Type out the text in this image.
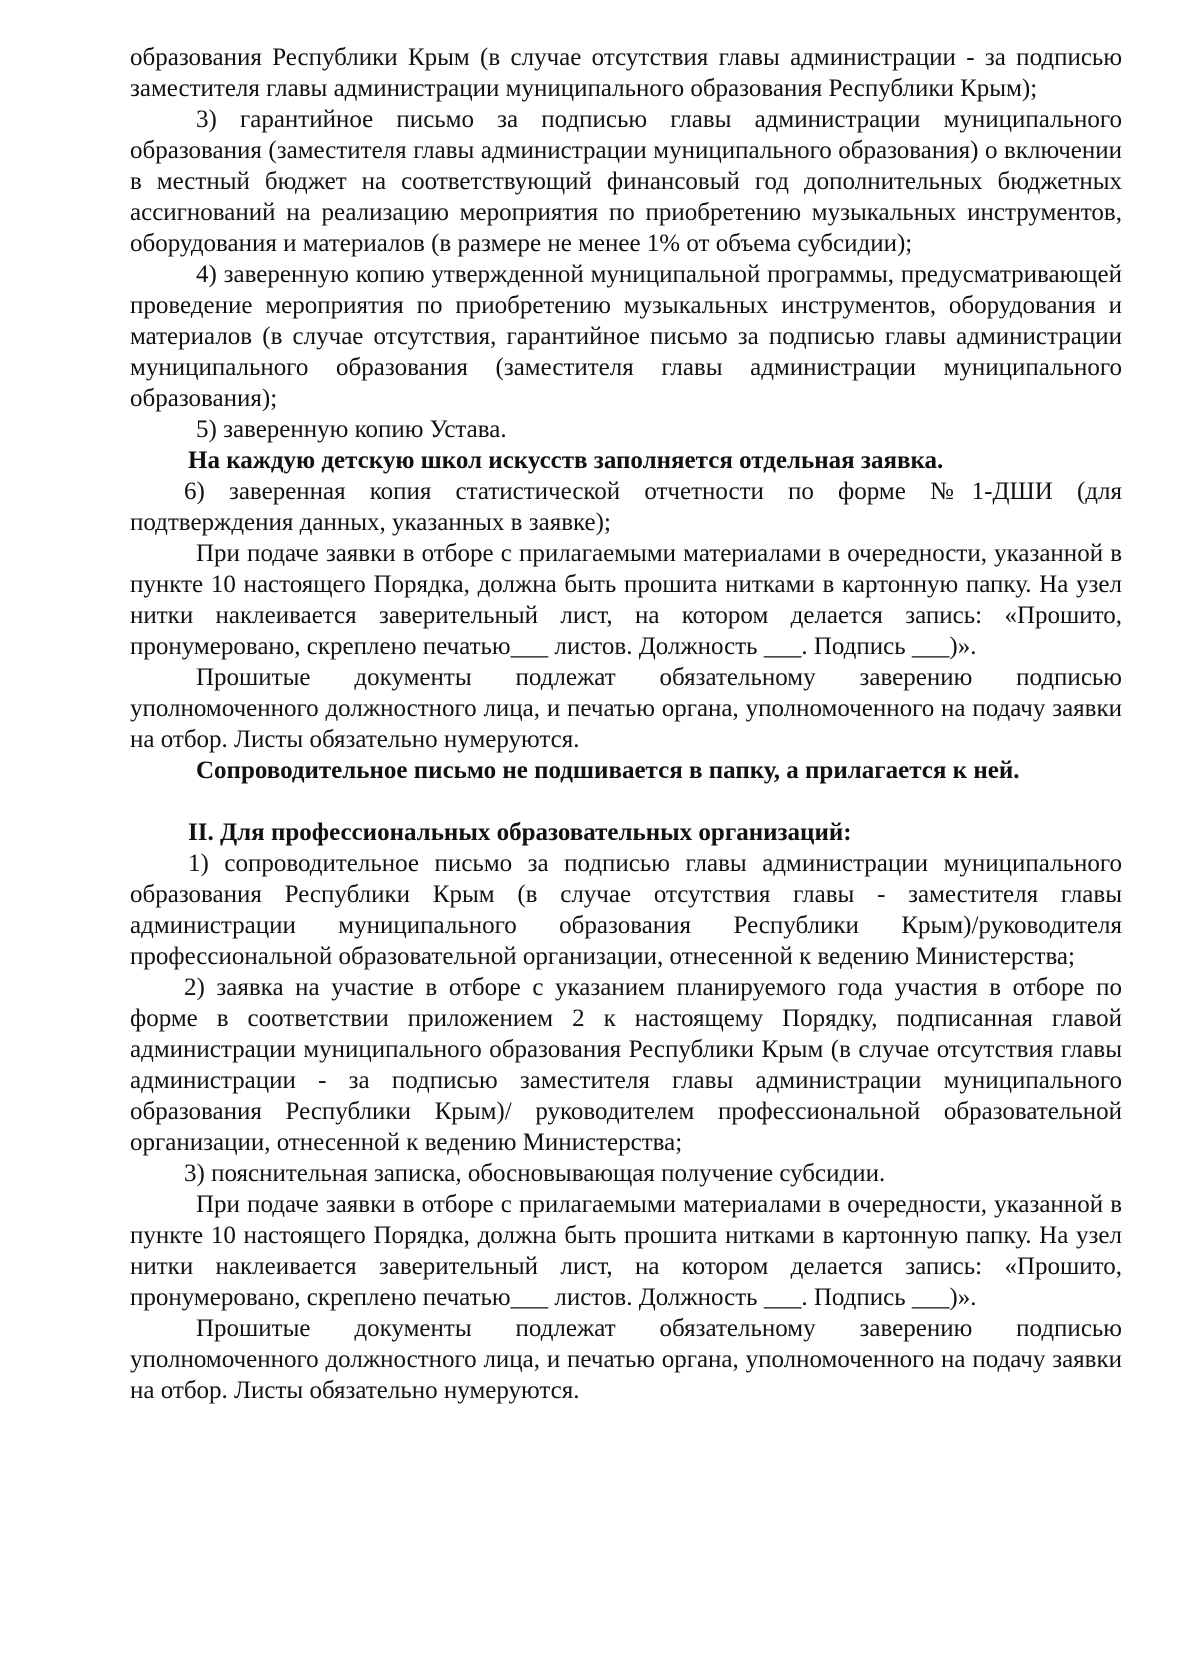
образования Республики Крым (в случае отсутствия главы администрации - за подписью заместителя главы администрации муниципального образования Республики Крым);

3) гарантийное письмо за подписью главы администрации муниципального образования (заместителя главы администрации муниципального образования) о включении в местный бюджет на соответствующий финансовый год дополнительных бюджетных ассигнований на реализацию мероприятия по приобретению музыкальных инструментов, оборудования и материалов (в размере не менее 1% от объема субсидии);

4) заверенную копию утвержденной муниципальной программы, предусматривающей проведение мероприятия по приобретению музыкальных инструментов, оборудования и материалов (в случае отсутствия, гарантийное письмо за подписью главы администрации муниципального образования (заместителя главы администрации муниципального образования);

5) заверенную копию Устава.

На каждую детскую школ искусств заполняется отдельная заявка.

6) заверенная копия статистической отчетности по форме №1-ДШИ (для подтверждения данных, указанных в заявке);

При подаче заявки в отборе с прилагаемыми материалами в очередности, указанной в пункте 10 настоящего Порядка, должна быть прошита нитками в картонную папку. На узел нитки наклеивается заверительный лист, на котором делается запись: «Прошито, пронумеровано, скреплено печатью___ листов. Должность ___. Подпись ___)».

Прошитые документы подлежат обязательному заверению подписью уполномоченного должностного лица, и печатью органа, уполномоченного на подачу заявки на отбор. Листы обязательно нумеруются.

Сопроводительное письмо не подшивается в папку, а прилагается к ней.

II. Для профессиональных образовательных организаций:

1) сопроводительное письмо за подписью главы администрации муниципального образования Республики Крым (в случае отсутствия главы - заместителя главы администрации муниципального образования Республики Крым)/руководителя профессиональной образовательной организации, отнесенной к ведению Министерства;

2) заявка на участие в отборе с указанием планируемого года участия в отборе по форме в соответствии приложением 2 к настоящему Порядку, подписанная главой администрации муниципального образования Республики Крым (в случае отсутствия главы администрации - за подписью заместителя главы администрации муниципального образования Республики Крым)/ руководителем профессиональной образовательной организации, отнесенной к ведению Министерства;

3) пояснительная записка, обосновывающая получение субсидии.

При подаче заявки в отборе с прилагаемыми материалами в очередности, указанной в пункте 10 настоящего Порядка, должна быть прошита нитками в картонную папку. На узел нитки наклеивается заверительный лист, на котором делается запись: «Прошито, пронумеровано, скреплено печатью___ листов. Должность ___. Подпись ___)».

Прошитые документы подлежат обязательному заверению подписью уполномоченного должностного лица, и печатью органа, уполномоченного на подачу заявки на отбор. Листы обязательно нумеруются.
